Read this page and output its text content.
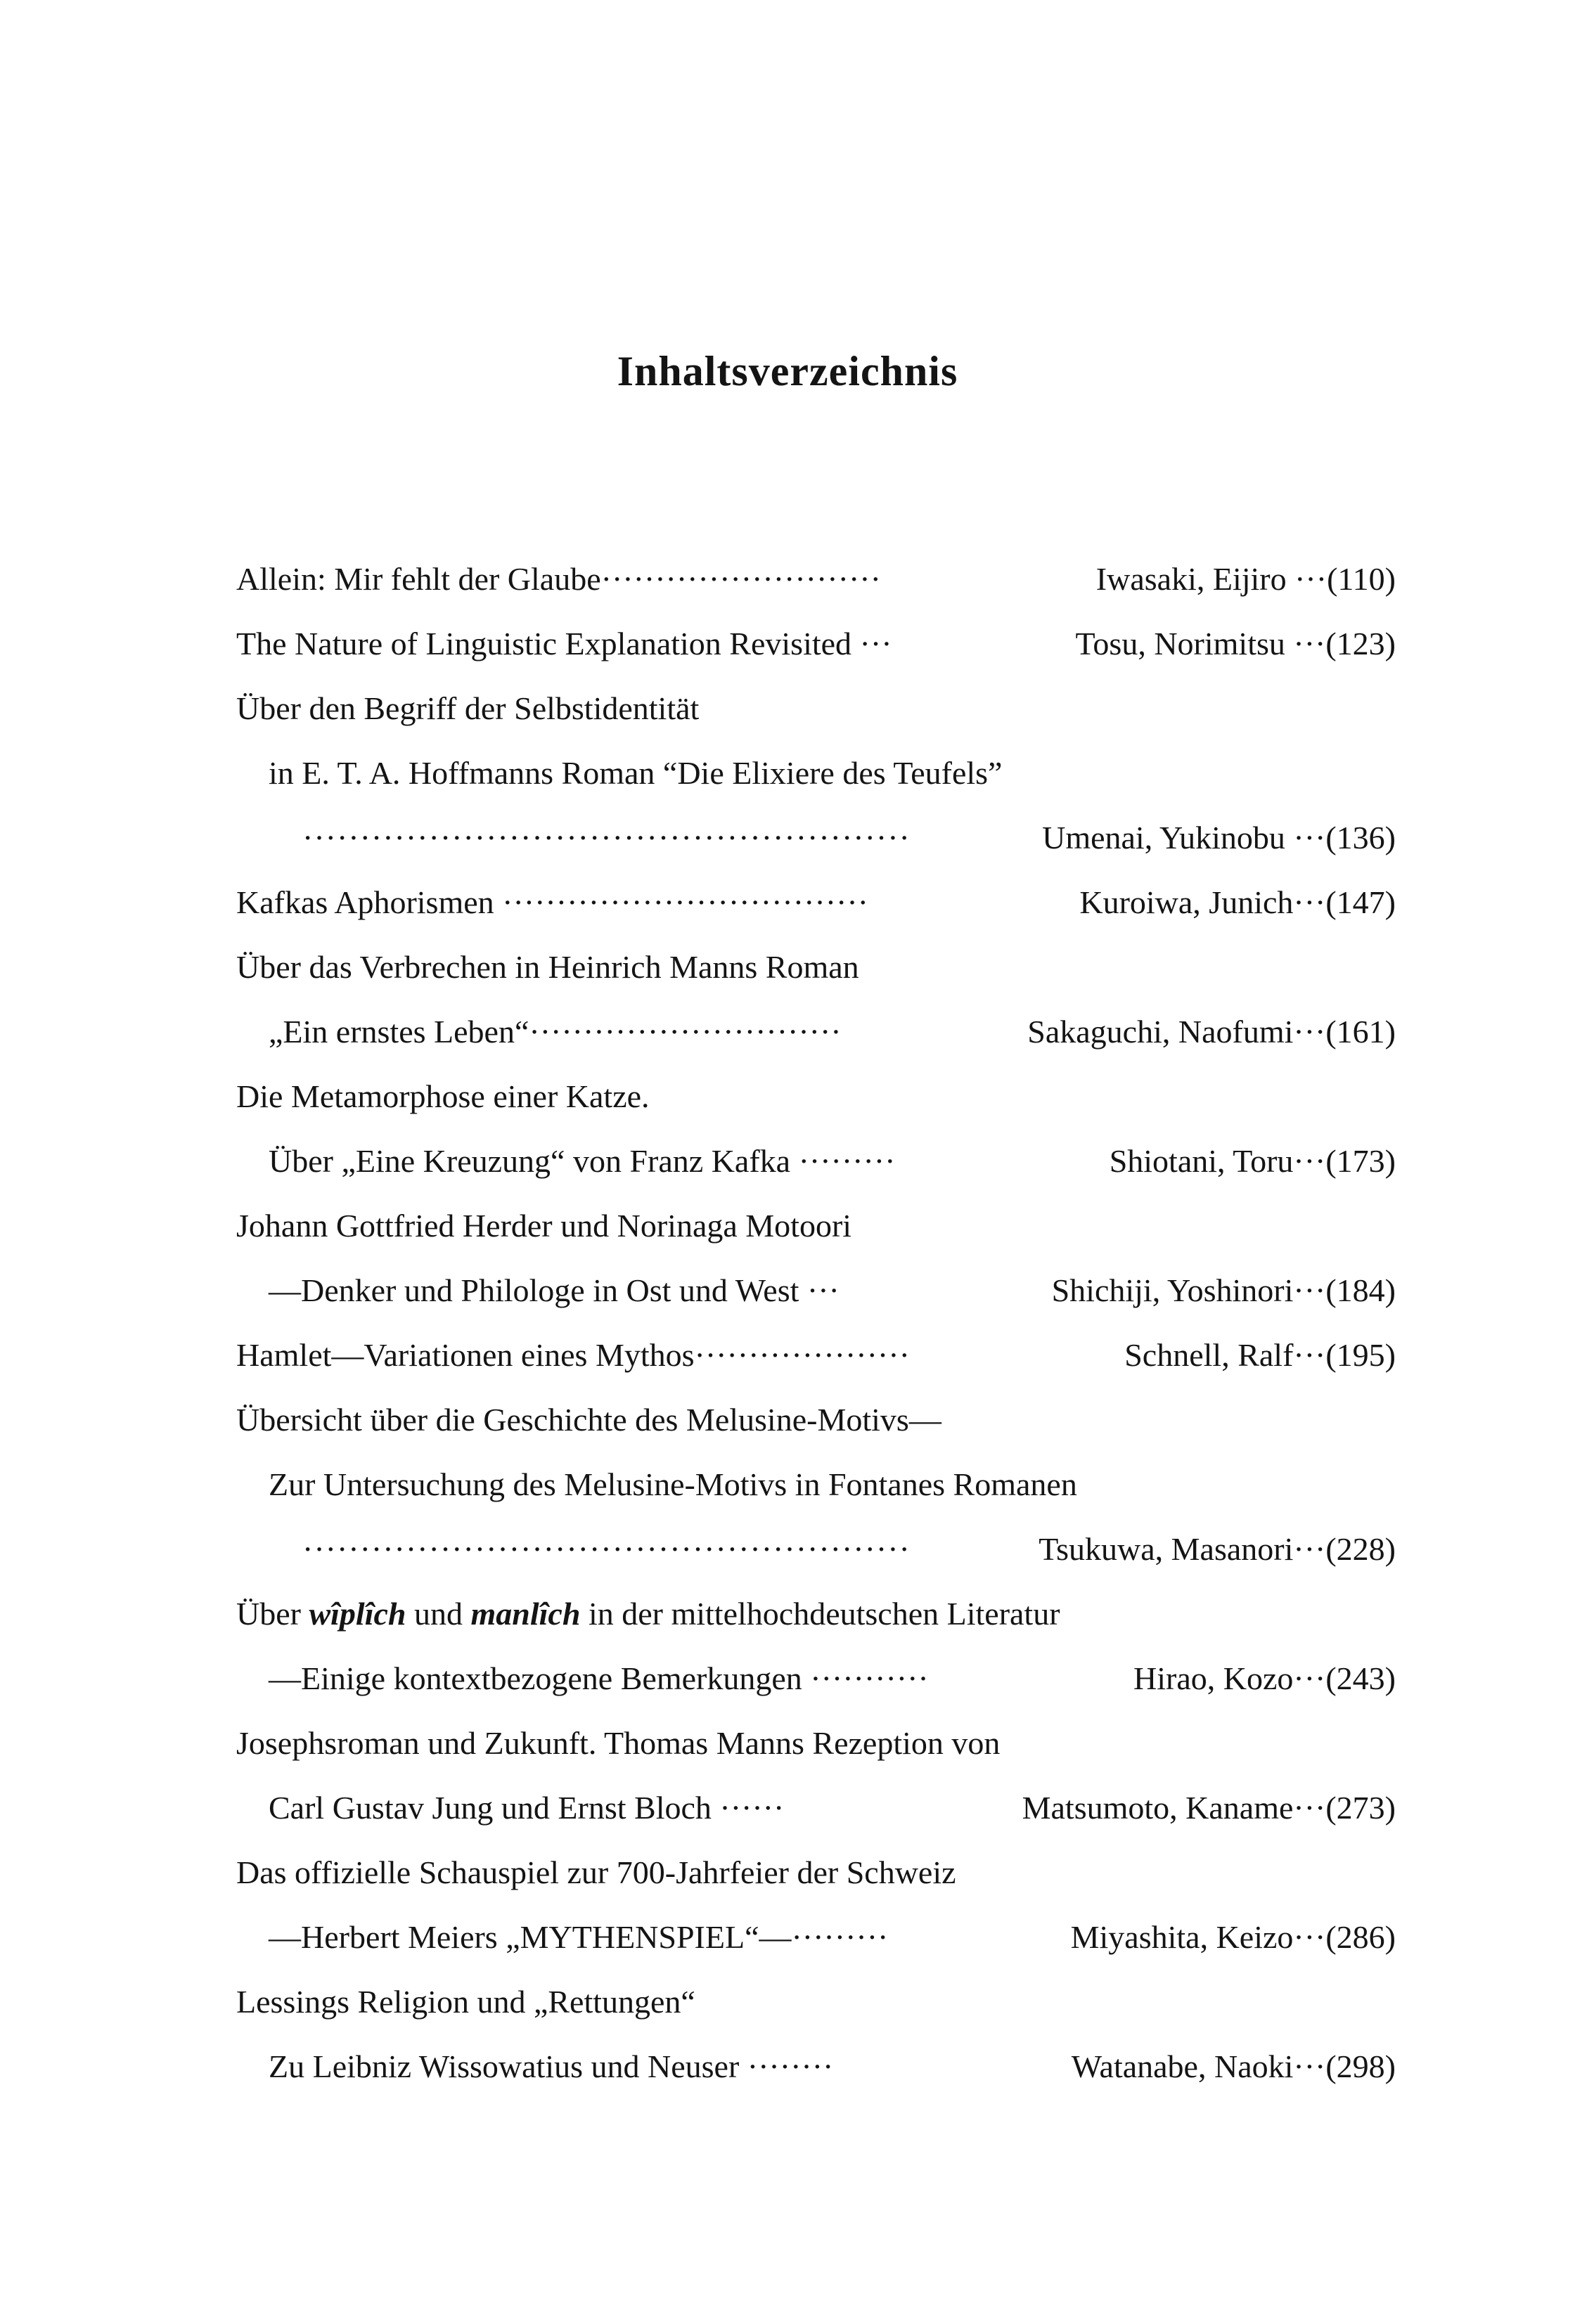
Inhaltsverzeichnis
Allein: Mir fehlt der Glaube··························	Iwasaki, Eijiro ···(110)
The Nature of Linguistic Explanation Revisited ···	Tosu, Norimitsu ···(123)
Über den Begriff der Selbstidentität
in E. T. A. Hoffmanns Roman “Die Elixiere des Teufels”
·····················································	Umenai, Yukinobu ···(136)
Kafkas Aphorismen ··································	Kuroiwa, Junich···(147)
Über das Verbrechen in Heinrich Manns Roman
„Ein ernstes Leben“·····························	Sakaguchi, Naofumi···(161)
Die Metamorphose einer Katze.
Über „Eine Kreuzung“ von Franz Kafka ·········	Shiotani, Toru···(173)
Johann Gottfried Herder und Norinaga Motoori
—Denker und Philologe in Ost und West ···	Shichiji, Yoshinori···(184)
Hamlet—Variationen eines Mythos····················	Schnell, Ralf···(195)
Übersicht über die Geschichte des Melusine-Motivs—
Zur Untersuchung des Melusine-Motivs in Fontanes Romanen
·····················································	Tsukuwa, Masanori···(228)
Über wîplîch und manlîch in der mittelhochdeutschen Literatur
—Einige kontextbezogene Bemerkungen ···········	Hirao, Kozo···(243)
Josephsroman und Zukunft. Thomas Manns Rezeption von
Carl Gustav Jung und Ernst Bloch ······	Matsumoto, Kaname···(273)
Das offizielle Schauspiel zur 700-Jahrfeier der Schweiz
—Herbert Meiers „MYTHENSPIEL“—·········	Miyashita, Keizo···(286)
Lessings Religion und „Rettungen“
Zu Leibniz Wissowatius und Neuser ········	Watanabe, Naoki···(298)
